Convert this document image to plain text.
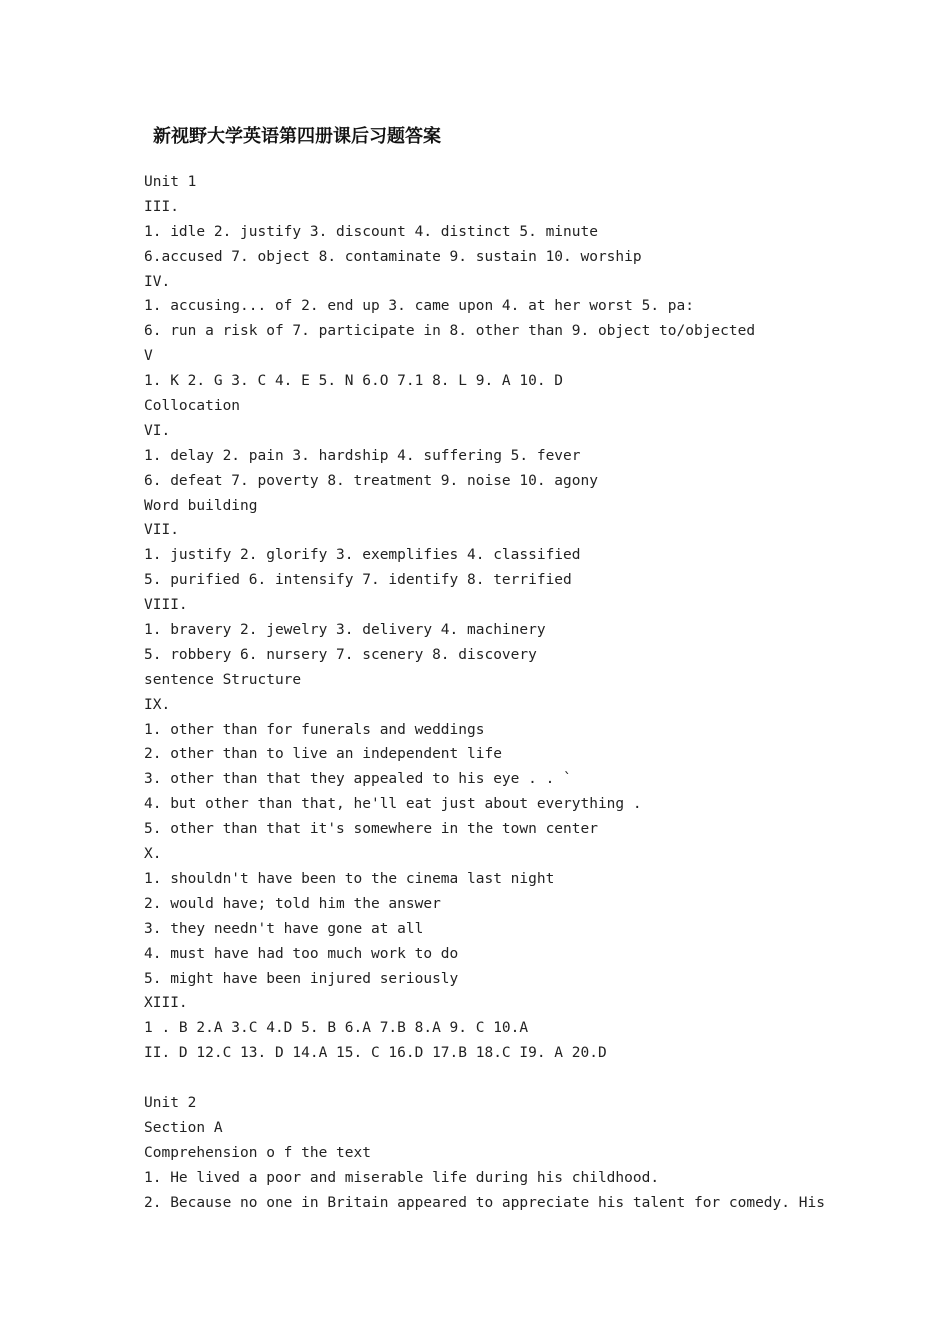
新视野大学英语第四册课后习题答案
Unit 1
III.
1. idle 2. justify 3. discount 4. distinct 5. minute
6.accused 7. object 8. contaminate 9. sustain 10. worship
IV.
1. accusing... of 2. end up 3. came upon 4. at her worst 5. pa:
6. run a risk of 7. participate in 8. other than 9. object to/objected
V
1. K 2. G 3. C 4. E 5. N 6.O 7.1 8. L 9. A 10. D
Collocation
VI.
1. delay 2. pain 3. hardship 4. suffering 5. fever
6. defeat 7. poverty 8. treatment 9. noise 10. agony
Word building
VII.
1. justify 2. glorify 3. exemplifies 4. classified
5. purified 6. intensify 7. identify 8. terrified
VIII.
1. bravery 2. jewelry 3. delivery 4. machinery
5. robbery 6. nursery 7. scenery 8. discovery
sentence Structure
IX.
1. other than for funerals and weddings
2. other than to live an independent life
3. other than that they appealed to his eye . . `
4. but other than that, he'll eat just about everything .
5. other than that it's somewhere in the town center
X.
1. shouldn't have been to the cinema last night
2. would have; told him the answer
3. they needn't have gone at all
4. must have had too much work to do
5. might have been injured seriously
XIII.
1 . B 2.A 3.C 4.D 5. B 6.A 7.B 8.A 9. C 10.A
II. D 12.C 13. D 14.A 15. C 16.D 17.B 18.C I9. A 20.D
Unit 2
Section A
Comprehension o f the text
1. He lived a poor and miserable life during his childhood.
2. Because no one in Britain appeared to appreciate his talent for comedy. His
